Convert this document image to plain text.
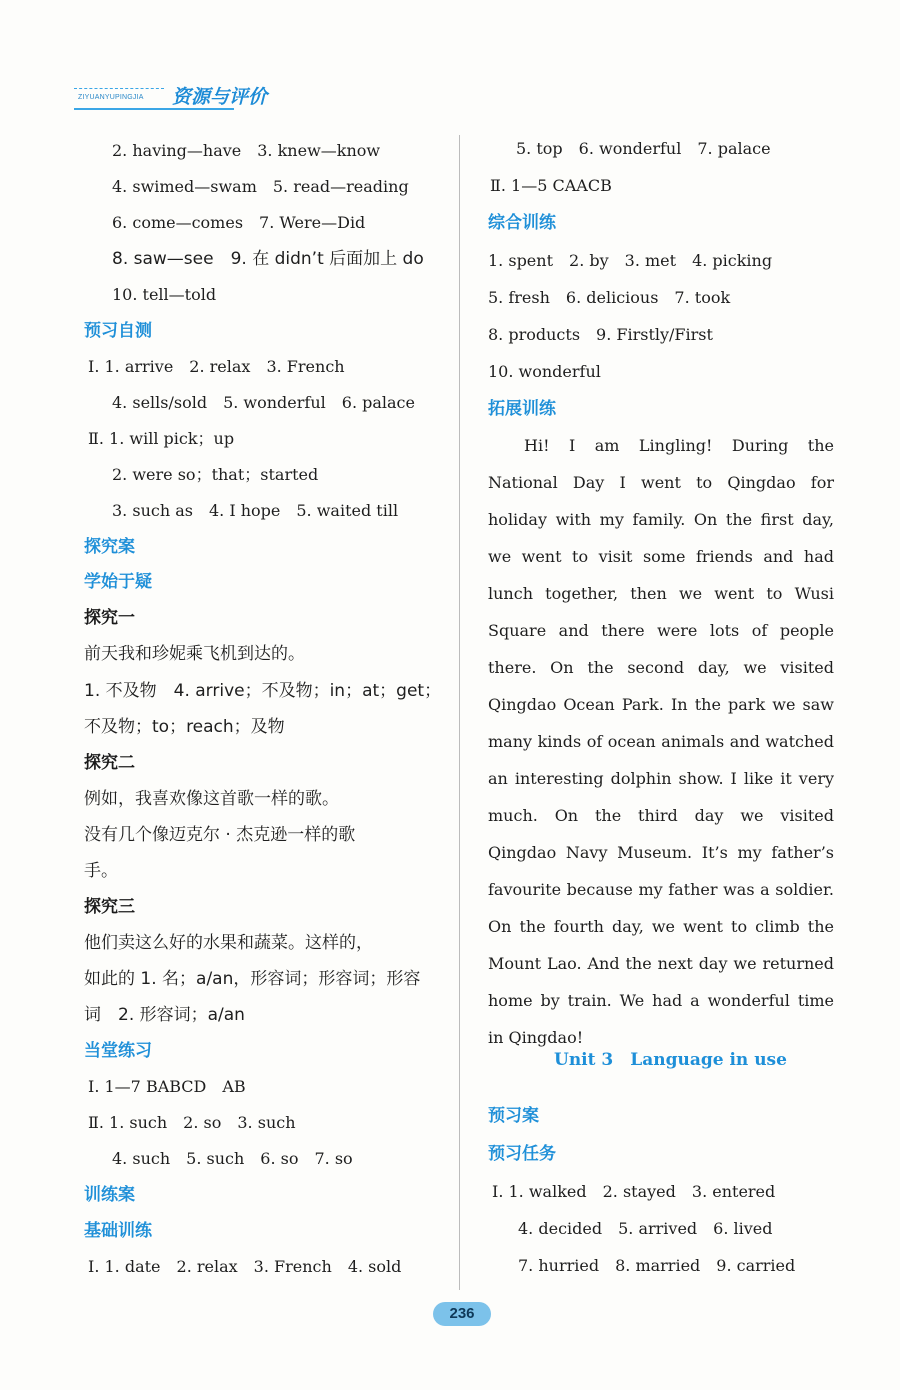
ZIYUANYUPINGJIA 资源与评价
2. having—have　3. knew—know
4. swimed—swam　5. read—reading
6. come—comes　7. Were—Did
8. saw—see　9. 在 didn’t 后面加上 do
10. tell—told
预习自测
Ⅰ. 1. arrive　2. relax　3. French
4. sells/sold　5. wonderful　6. palace
Ⅱ. 1. will pick；up
2. were so；that；started
3. such as　4. I hope　5. waited till
探究案
学始于疑
探究一
前天我和珍妮乘飞机到达的。
1. 不及物　4. arrive；不及物；in；at；get；
不及物；to；reach；及物
探究二
例如，我喜欢像这首歌一样的歌。
没有几个像迈克尔 · 杰克逊一样的歌
手。
探究三
他们卖这么好的水果和蔬菜。这样的，
如此的 1. 名；a/an，形容词；形容词；形容
词　2. 形容词；a/an
当堂练习
Ⅰ. 1—7 BABCD　AB
Ⅱ. 1. such　2. so　3. such
4. such　5. such　6. so　7. so
训练案
基础训练
Ⅰ. 1. date　2. relax　3. French　4. sold
5. top　6. wonderful　7. palace
Ⅱ. 1—5 CAACB
综合训练
1. spent　2. by　3. met　4. picking
5. fresh　6. delicious　7. took
8. products　9. Firstly/First
10. wonderful
拓展训练
Hi! I am Lingling! During the National Day I went to Qingdao for holiday with my family. On the first day, we went to visit some friends and had lunch together, then we went to Wusi Square and there were lots of people there. On the second day, we visited Qingdao Ocean Park. In the park we saw many kinds of ocean animals and watched an interesting dolphin show. I like it very much. On the third day we visited Qingdao Navy Museum. It’s my father’s favourite because my father was a soldier. On the fourth day, we went to climb the Mount Lao. And the next day we returned home by train. We had a wonderful time in Qingdao!
Unit 3　Language in use
预习案
预习任务
Ⅰ. 1. walked　2. stayed　3. entered
4. decided　5. arrived　6. lived
7. hurried　8. married　9. carried
236
